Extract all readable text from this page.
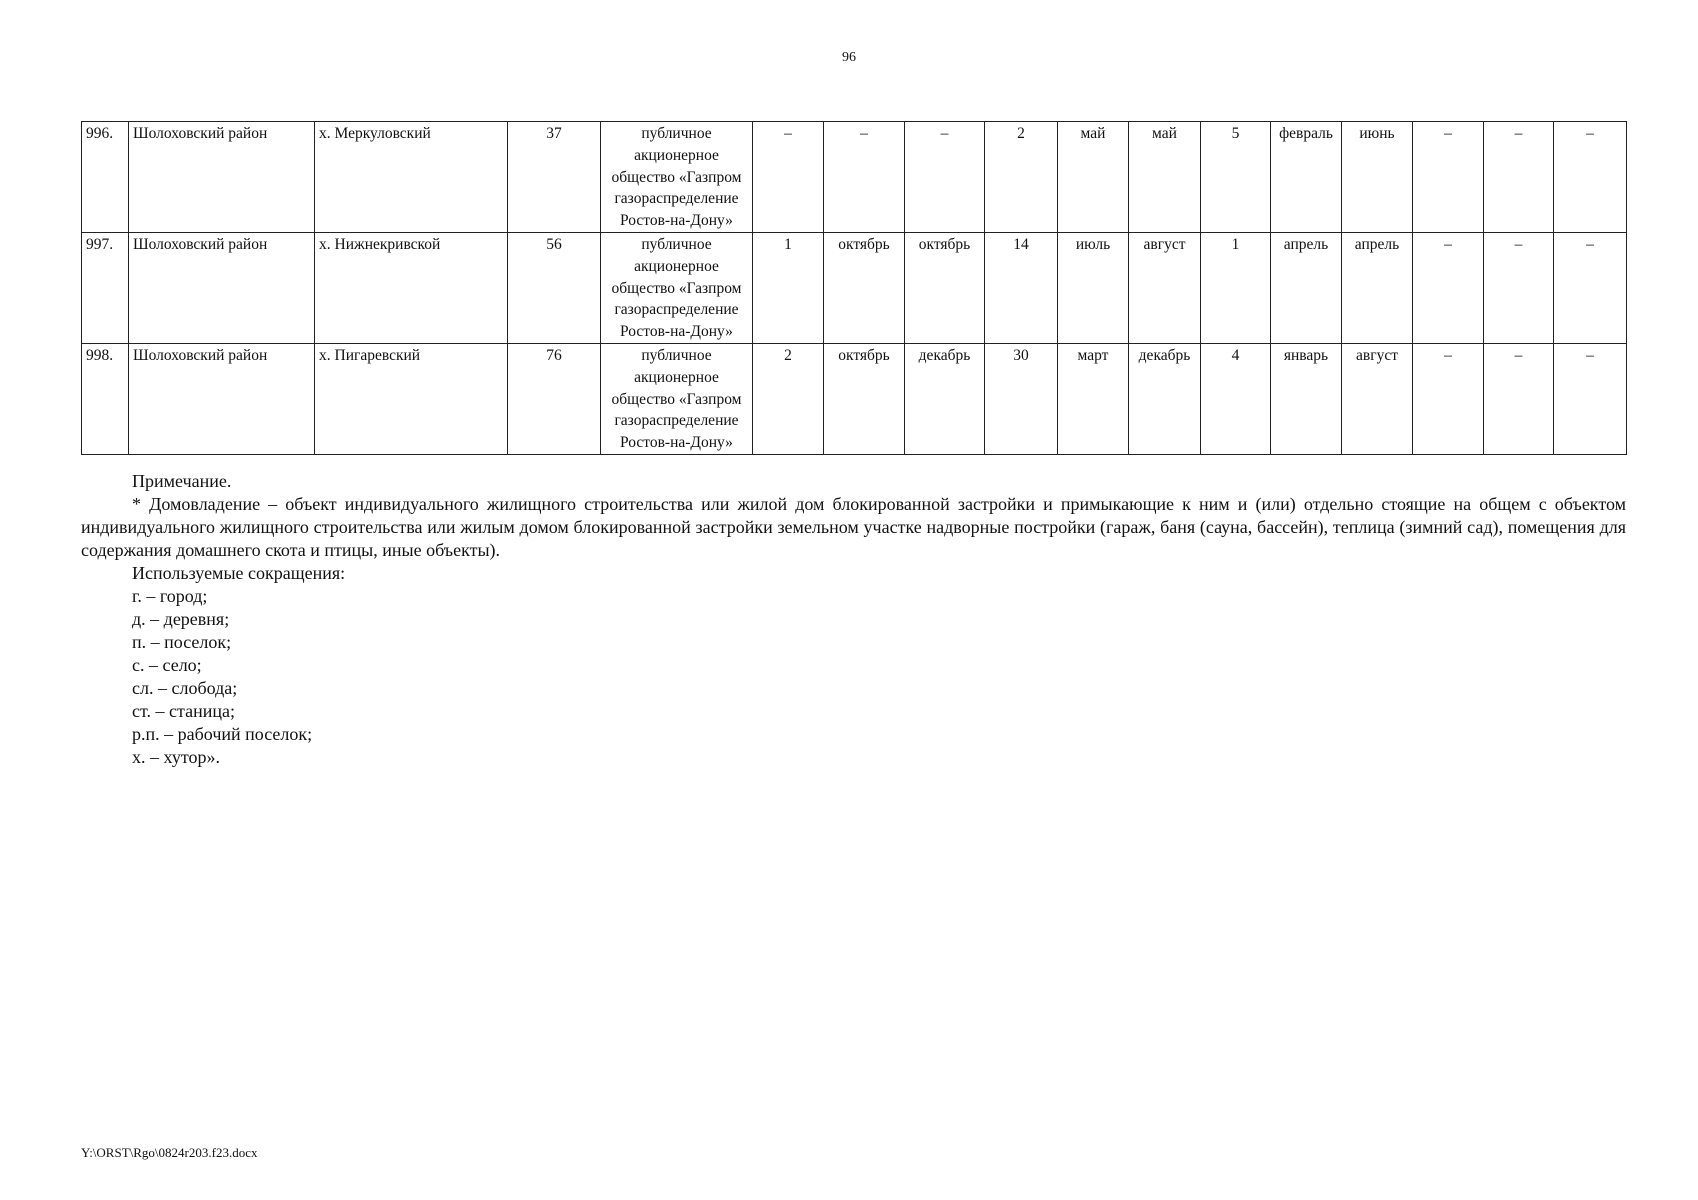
96
996.	Шолоховский район	х. Меркуловский	37	публичное
акционерное
общество «Газпром
газораспределение
Ростов-на-Дону»	–	–	–	2	май	май	5	февраль	июнь	–	–	–
997.	Шолоховский район	х. Нижнекривской	56	публичное
акционерное
общество «Газпром
газораспределение
Ростов-на-Дону»	1	октябрь	октябрь	14	июль	август	1	апрель	апрель	–	–	–
998.	Шолоховский район	х. Пигаревский	76	публичное
акционерное
общество «Газпром
газораспределение
Ростов-на-Дону»	2	октябрь	декабрь	30	март	декабрь	4	январь	август	–	–	–

Примечание.

* Домовладение – объект индивидуального жилищного строительства или жилой дом блокированной застройки и примыкающие к ним и (или) отдельно стоящие на общем с объектом индивидуального жилищного строительства или жилым домом блокированной застройки земельном участке надворные постройки (гараж, баня (сауна, бассейн), теплица (зимний сад), помещения для содержания домашнего скота и птицы, иные объекты).

Используемые сокращения:

г. – город;

д. – деревня;

п. – поселок;

с. – село;

сл. – слобода;

ст. – станица;

р.п. – рабочий поселок;

х. – хутор».

Y:\ORST\Rgo\0824r203.f23.docx
